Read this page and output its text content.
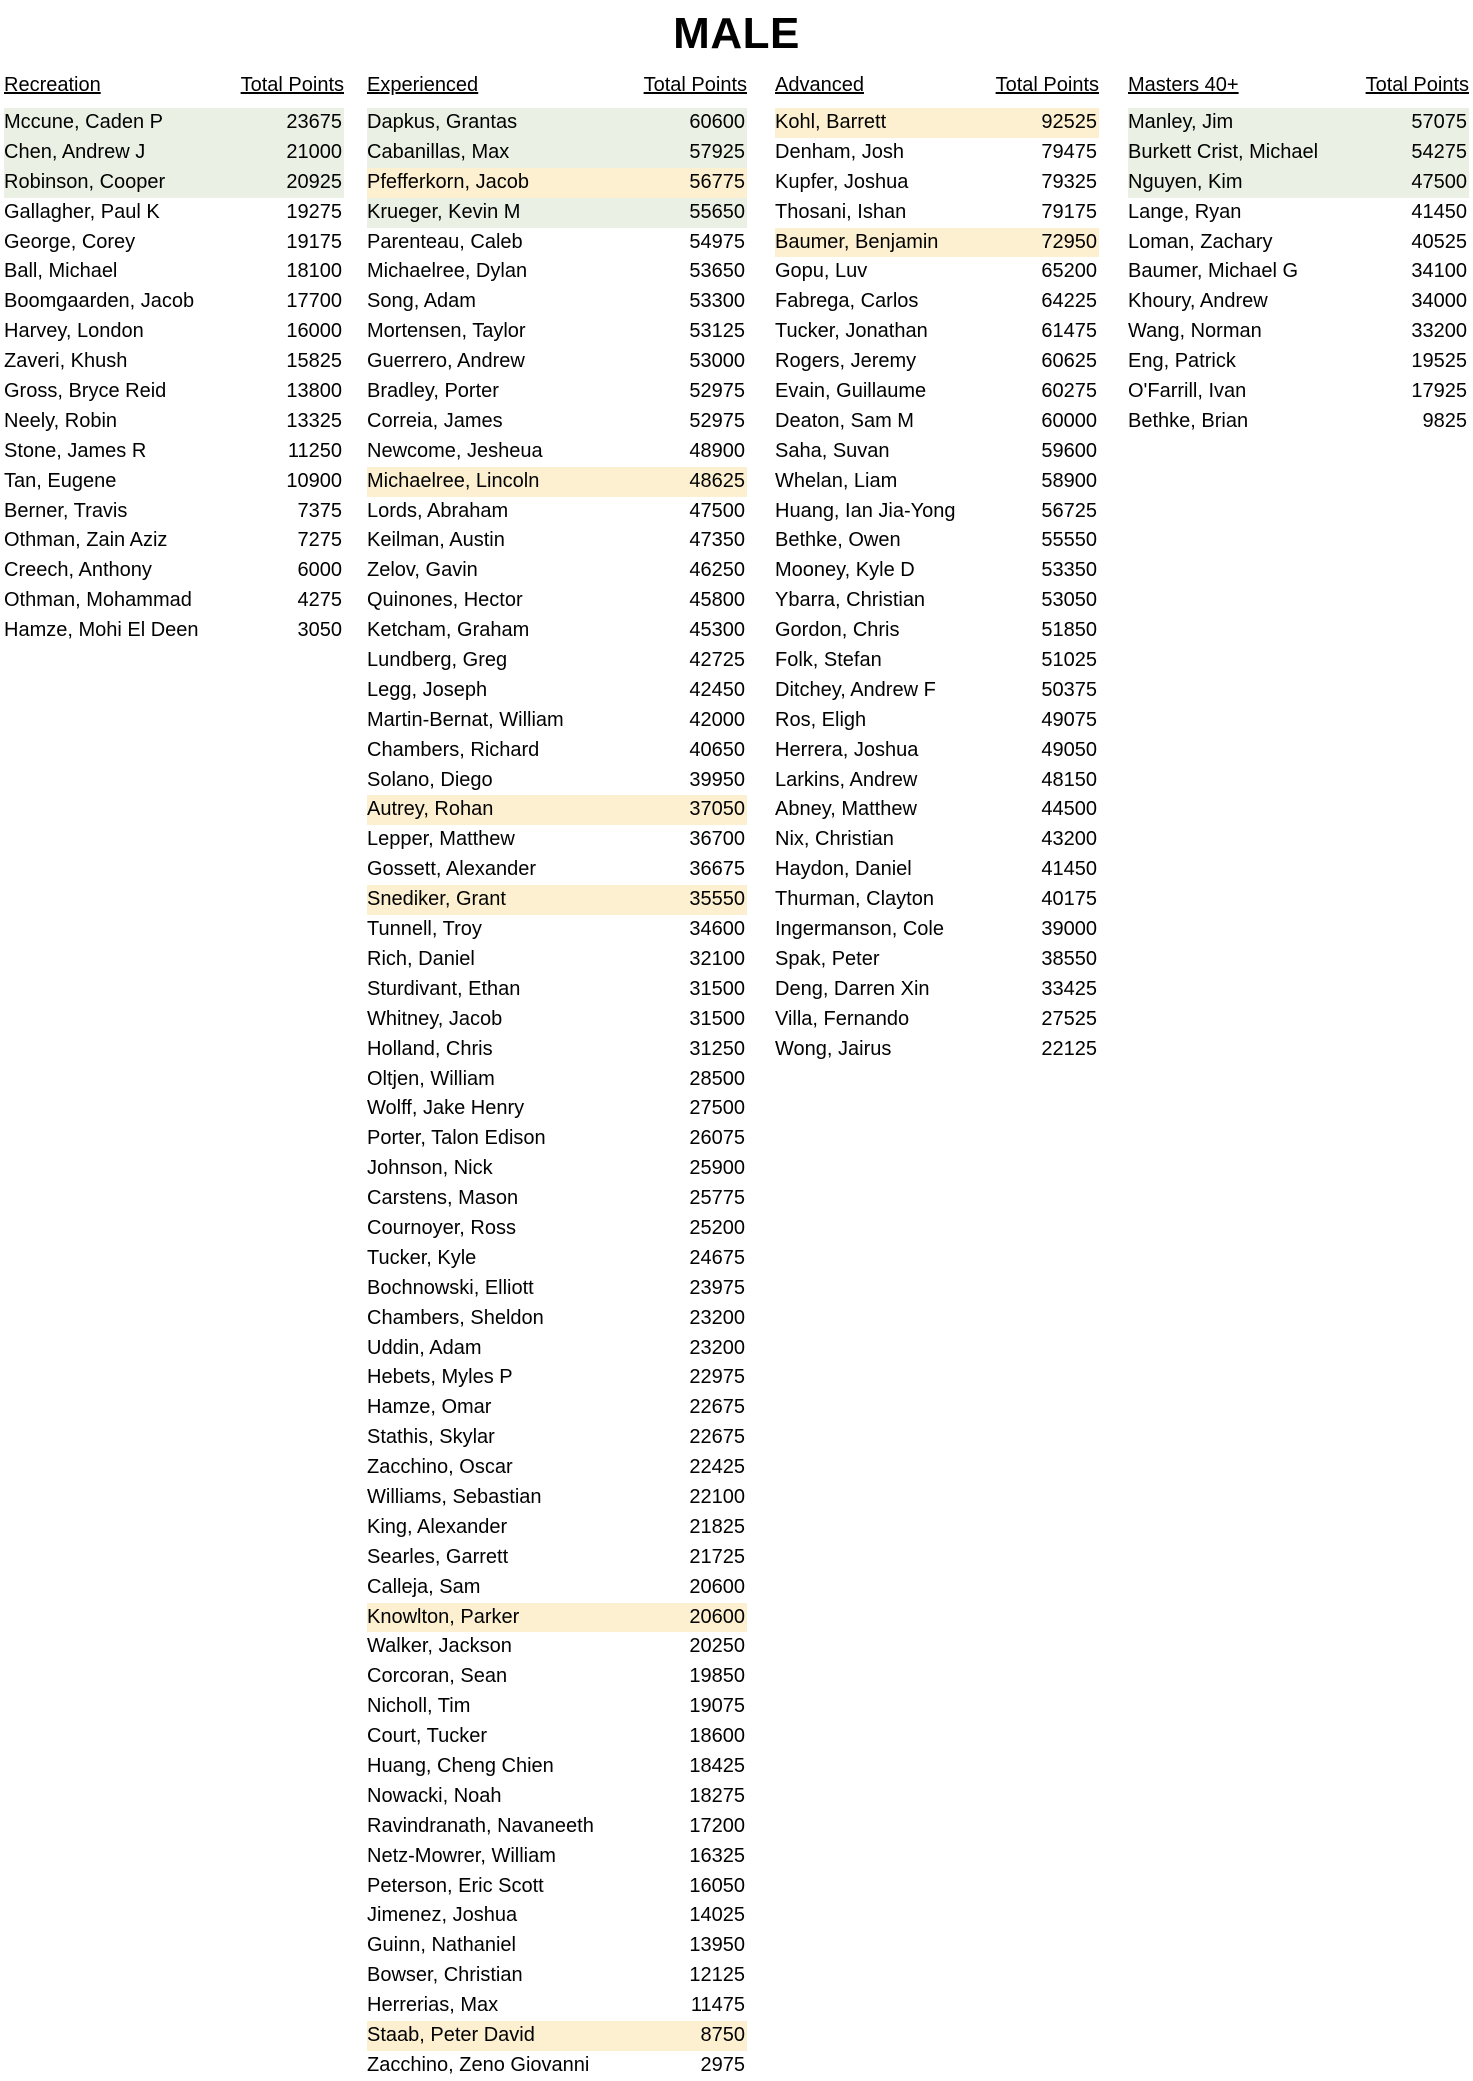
MALE
Recreation	Total Points
Mccune, Caden P	23675
Chen, Andrew J	21000
Robinson, Cooper	20925
Gallagher, Paul K	19275
George, Corey	19175
Ball, Michael	18100
Boomgaarden, Jacob	17700
Harvey, London	16000
Zaveri, Khush	15825
Gross, Bryce Reid	13800
Neely, Robin	13325
Stone, James R	11250
Tan, Eugene	10900
Berner, Travis	7375
Othman, Zain Aziz	7275
Creech, Anthony	6000
Othman, Mohammad	4275
Hamze, Mohi El Deen	3050
Experienced	Total Points
Dapkus, Grantas	60600
Cabanillas, Max	57925
Pfefferkorn, Jacob	56775
Krueger, Kevin M	55650
Parenteau, Caleb	54975
Michaelree, Dylan	53650
Song, Adam	53300
Mortensen, Taylor	53125
Guerrero, Andrew	53000
Bradley, Porter	52975
Correia, James	52975
Newcome, Jesheua	48900
Michaelree, Lincoln	48625
Lords, Abraham	47500
Keilman, Austin	47350
Zelov, Gavin	46250
Quinones, Hector	45800
Ketcham, Graham	45300
Lundberg, Greg	42725
Legg, Joseph	42450
Martin-Bernat, William	42000
Chambers, Richard	40650
Solano, Diego	39950
Autrey, Rohan	37050
Lepper, Matthew	36700
Gossett, Alexander	36675
Snediker, Grant	35550
Tunnell, Troy	34600
Rich, Daniel	32100
Sturdivant, Ethan	31500
Whitney, Jacob	31500
Holland, Chris	31250
Oltjen, William	28500
Wolff, Jake Henry	27500
Porter, Talon Edison	26075
Johnson, Nick	25900
Carstens, Mason	25775
Cournoyer, Ross	25200
Tucker, Kyle	24675
Bochnowski, Elliott	23975
Chambers, Sheldon	23200
Uddin, Adam	23200
Hebets, Myles P	22975
Hamze, Omar	22675
Stathis, Skylar	22675
Zacchino, Oscar	22425
Williams, Sebastian	22100
King, Alexander	21825
Searles, Garrett	21725
Calleja, Sam	20600
Knowlton, Parker	20600
Walker, Jackson	20250
Corcoran, Sean	19850
Nicholl, Tim	19075
Court, Tucker	18600
Huang, Cheng Chien	18425
Nowacki, Noah	18275
Ravindranath, Navaneeth	17200
Netz-Mowrer, William	16325
Peterson, Eric Scott	16050
Jimenez, Joshua	14025
Guinn, Nathaniel	13950
Bowser, Christian	12125
Herrerias, Max	11475
Staab, Peter David	8750
Zacchino, Zeno Giovanni	2975
Advanced	Total Points
Kohl, Barrett	92525
Denham, Josh	79475
Kupfer, Joshua	79325
Thosani, Ishan	79175
Baumer, Benjamin	72950
Gopu, Luv	65200
Fabrega, Carlos	64225
Tucker, Jonathan	61475
Rogers, Jeremy	60625
Evain, Guillaume	60275
Deaton, Sam M	60000
Saha, Suvan	59600
Whelan, Liam	58900
Huang, Ian Jia-Yong	56725
Bethke, Owen	55550
Mooney, Kyle D	53350
Ybarra, Christian	53050
Gordon, Chris	51850
Folk, Stefan	51025
Ditchey, Andrew F	50375
Ros, Eligh	49075
Herrera, Joshua	49050
Larkins, Andrew	48150
Abney, Matthew	44500
Nix, Christian	43200
Haydon, Daniel	41450
Thurman, Clayton	40175
Ingermanson, Cole	39000
Spak, Peter	38550
Deng, Darren Xin	33425
Villa, Fernando	27525
Wong, Jairus	22125
Masters 40+	Total Points
Manley, Jim	57075
Burkett Crist, Michael	54275
Nguyen, Kim	47500
Lange, Ryan	41450
Loman, Zachary	40525
Baumer, Michael G	34100
Khoury, Andrew	34000
Wang, Norman	33200
Eng, Patrick	19525
O'Farrill, Ivan	17925
Bethke, Brian	9825
